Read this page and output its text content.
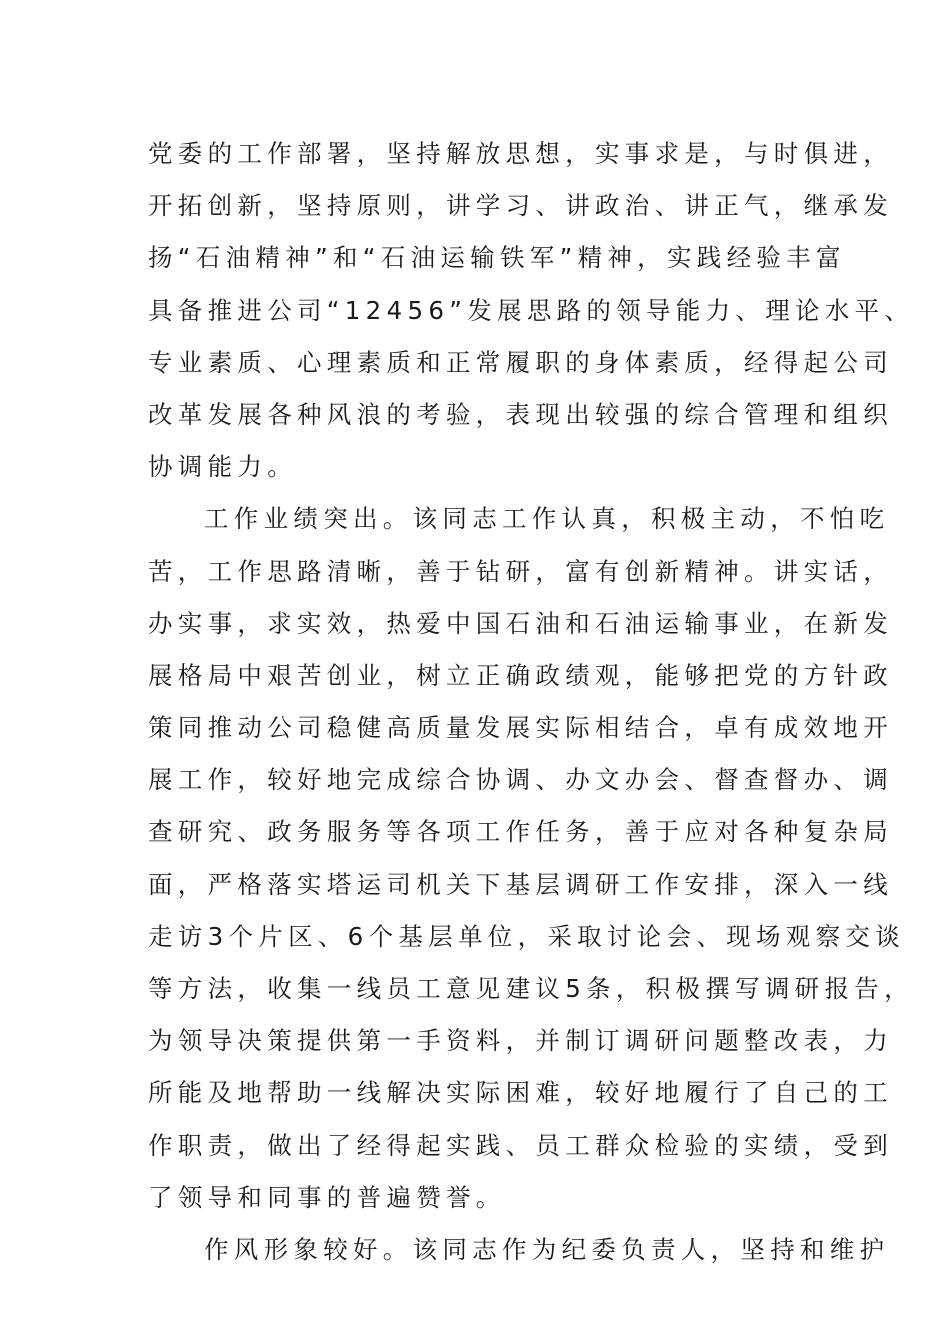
党委的工作部署，坚持解放思想，实事求是，与时俱进，
开拓创新，坚持原则，讲学习、讲政治、讲正气，继承发
扬“石油精神”和“石油运输铁军”精神，实践经验丰富
具备推进公司“12456”发展思路的领导能力、理论水平、
专业素质、心理素质和正常履职的身体素质，经得起公司
改革发展各种风浪的考验，表现出较强的综合管理和组织
协调能力。
工作业绩突出。该同志工作认真，积极主动，不怕吃
苦，工作思路清晰，善于钻研，富有创新精神。讲实话，
办实事，求实效，热爱中国石油和石油运输事业，在新发
展格局中艰苦创业，树立正确政绩观，能够把党的方针政
策同推动公司稳健高质量发展实际相结合，卓有成效地开
展工作，较好地完成综合协调、办文办会、督查督办、调
查研究、政务服务等各项工作任务，善于应对各种复杂局
面，严格落实塔运司机关下基层调研工作安排，深入一线
走访3个片区、6个基层单位，采取讨论会、现场观察交谈
等方法，收集一线员工意见建议5条，积极撰写调研报告，
为领导决策提供第一手资料，并制订调研问题整改表，力
所能及地帮助一线解决实际困难，较好地履行了自己的工
作职责，做出了经得起实践、员工群众检验的实绩，受到
了领导和同事的普遍赞誉。
作风形象较好。该同志作为纪委负责人，坚持和维护
